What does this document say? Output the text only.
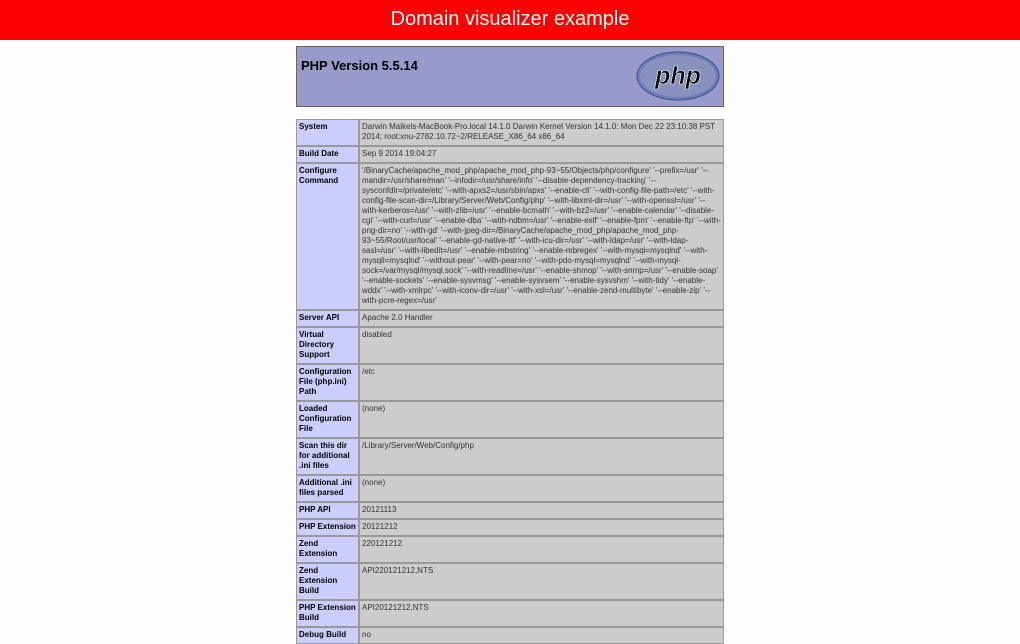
Domain visualizer example
PHP Version 5.5.14	php
System	Darwin Maikels-MacBook-Pro.local 14.1.0 Darwin Kernel Version 14.1.0: Mon Dec 22 23:10:38 PST 2014; root:xnu-2782.10.72~2/RELEASE_X86_64 x86_64
Build Date	Sep 9 2014 19:04:27
Configure Command	'/BinaryCache/apache_mod_php/apache_mod_php-93~55/Objects/php/configure' '--prefix=/usr' '--mandir=/usr/share/man' '--infodir=/usr/share/info' '--disable-dependency-tracking' '--sysconfdir=/private/etc' '--with-apxs2=/usr/sbin/apxs' '--enable-cli' '--with-config-file-path=/etc' '--with-config-file-scan-dir=/Library/Server/Web/Config/php' '--with-libxml-dir=/usr' '--with-openssl=/usr' '--with-kerberos=/usr' '--with-zlib=/usr' '--enable-bcmath' '--with-bz2=/usr' '--enable-calendar' '--disable-cgi' '--with-curl=/usr' '--enable-dba' '--with-ndbm=/usr' '--enable-exif' '--enable-fpm' '--enable-ftp' '--with-png-dir=no' '--with-gd' '--with-jpeg-dir=/BinaryCache/apache_mod_php/apache_mod_php-93~55/Root/usr/local' '--enable-gd-native-ttf' '--with-icu-dir=/usr' '--with-ldap=/usr' '--with-ldap-sasl=/usr' '--with-libedit=/usr' '--enable-mbstring' '--enable-mbregex' '--with-mysql=mysqlnd' '--with-mysqli=mysqlnd' '--without-pear' '--with-pear=no' '--with-pdo-mysql=mysqlnd' '--with-mysql-sock=/var/mysql/mysql.sock' '--with-readline=/usr' '--enable-shmop' '--with-snmp=/usr' '--enable-soap' '--enable-sockets' '--enable-sysvmsg' '--enable-sysvsem' '--enable-sysvshm' '--with-tidy' '--enable-wddx' '--with-xmlrpc' '--with-iconv-dir=/usr' '--with-xsl=/usr' '--enable-zend-multibyte' '--enable-zip' '--with-pcre-regex=/usr'
Server API	Apache 2.0 Handler
Virtual Directory Support	disabled
Configuration File (php.ini) Path	/etc
Loaded Configuration File	(none)
Scan this dir for additional .ini files	/Library/Server/Web/Config/php
Additional .ini files parsed	(none)
PHP API	20121113
PHP Extension	20121212
Zend Extension	220121212
Zend Extension Build	API220121212,NTS
PHP Extension Build	API20121212,NTS
Debug Build	no
